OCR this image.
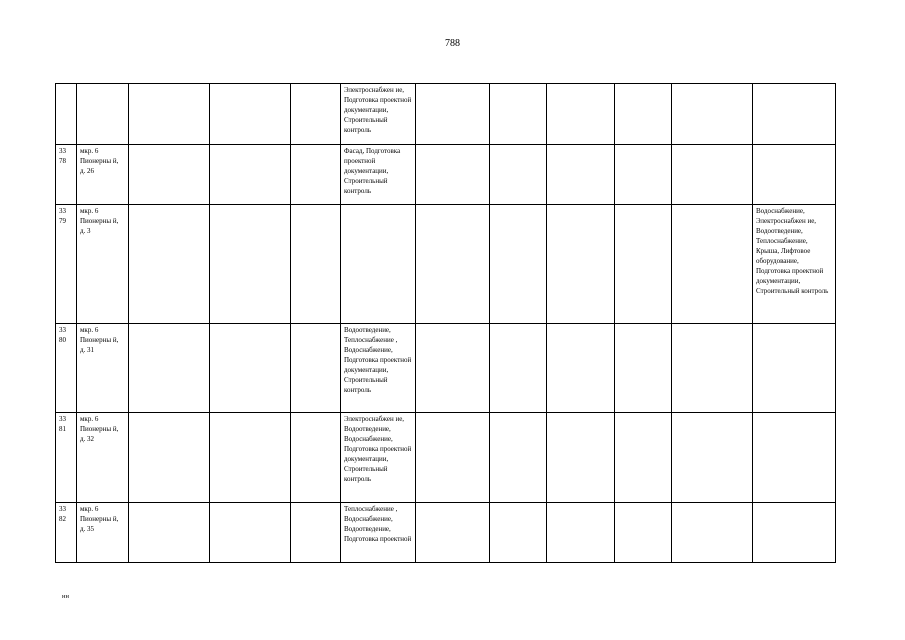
788
					Электроснабжен ие, Подготовка проектной документации, Строительный контроль						
33 78	мкр. 6 Пионерны й, д. 26				Фасад, Подготовка проектной документации, Строительный контроль						
33 79	мкр. 6 Пионерны й, д. 3										Водоснабжение, Электроснабжен ие, Водоотведение, Теплоснабжение, Крыша, Лифтовое оборудование, Подготовка проектной документации, Строительный контроль
33 80	мкр. 6 Пионерны й, д. 31				Водоотведение, Теплоснабжение , Водоснабжение, Подготовка проектной документации, Строительный контроль						
33 81	мкр. 6 Пионерны й, д. 32				Электроснабжен ие, Водоотведение, Водоснабжение, Подготовка проектной документации, Строительный контроль						
33 82	мкр. 6 Пионерны й, д. 35				Теплоснабжение , Водоснабжение, Водоотведение, Подготовка проектной						
нн
